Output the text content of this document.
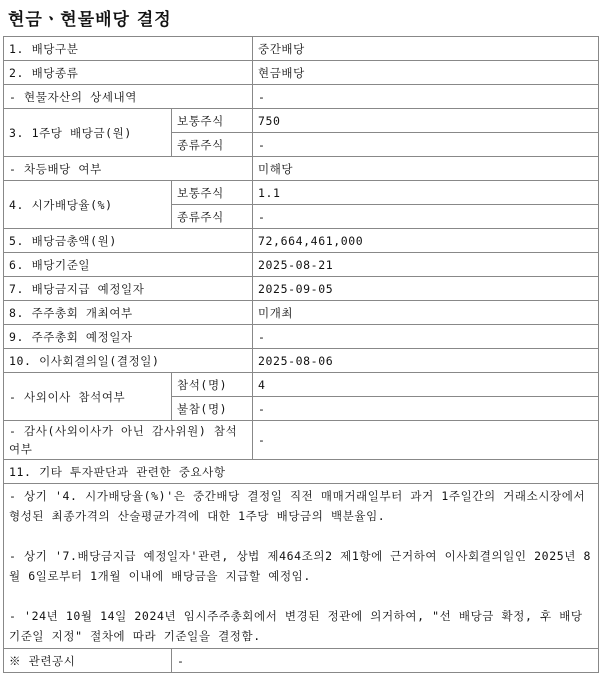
현금ㆍ현물배당 결정
1. 배당구분		중간배당
2. 배당종류		현금배당
- 현물자산의 상세내역		-
3. 1주당 배당금(원)	보통주식	750
	종류주식	-
- 차등배당 여부		미해당
4. 시가배당율(%)	보통주식	1.1
	종류주식	-
5. 배당금총액(원)		72,664,461,000
6. 배당기준일		2025-08-21
7. 배당금지급 예정일자		2025-09-05
8. 주주총회 개최여부		미개최
9. 주주총회 예정일자		-
10. 이사회결의일(결정일)		2025-08-06
- 사외이사 참석여부	참석(명)	4
	불참(명)	-
- 감사(사외이사가 아닌 감사위원) 참석여부		-
11. 기타 투자판단과 관련한 중요사항		

- 상기 '4. 시가배당율(%)'은 중간배당 결정일 직전 매매거래일부터 과거 1주일간의 거래소시장에서 형성된 최종가격의 산술평균가격에 대한 1주당 배당금의 백분율임.

- 상기 '7.배당금지급 예정일자'관련, 상법 제464조의2 제1항에 근거하여 이사회결의일인 2025년 8월 6일로부터 1개월 이내에 배당금을 지급할 예정임.

- '24년 10월 14일 2024년 임시주주총회에서 변경된 정관에 의거하여, "선 배당금 확정, 후 배당기준일 지정" 절차에 따라 기준일을 결정함.		

※ 관련공시	-	
